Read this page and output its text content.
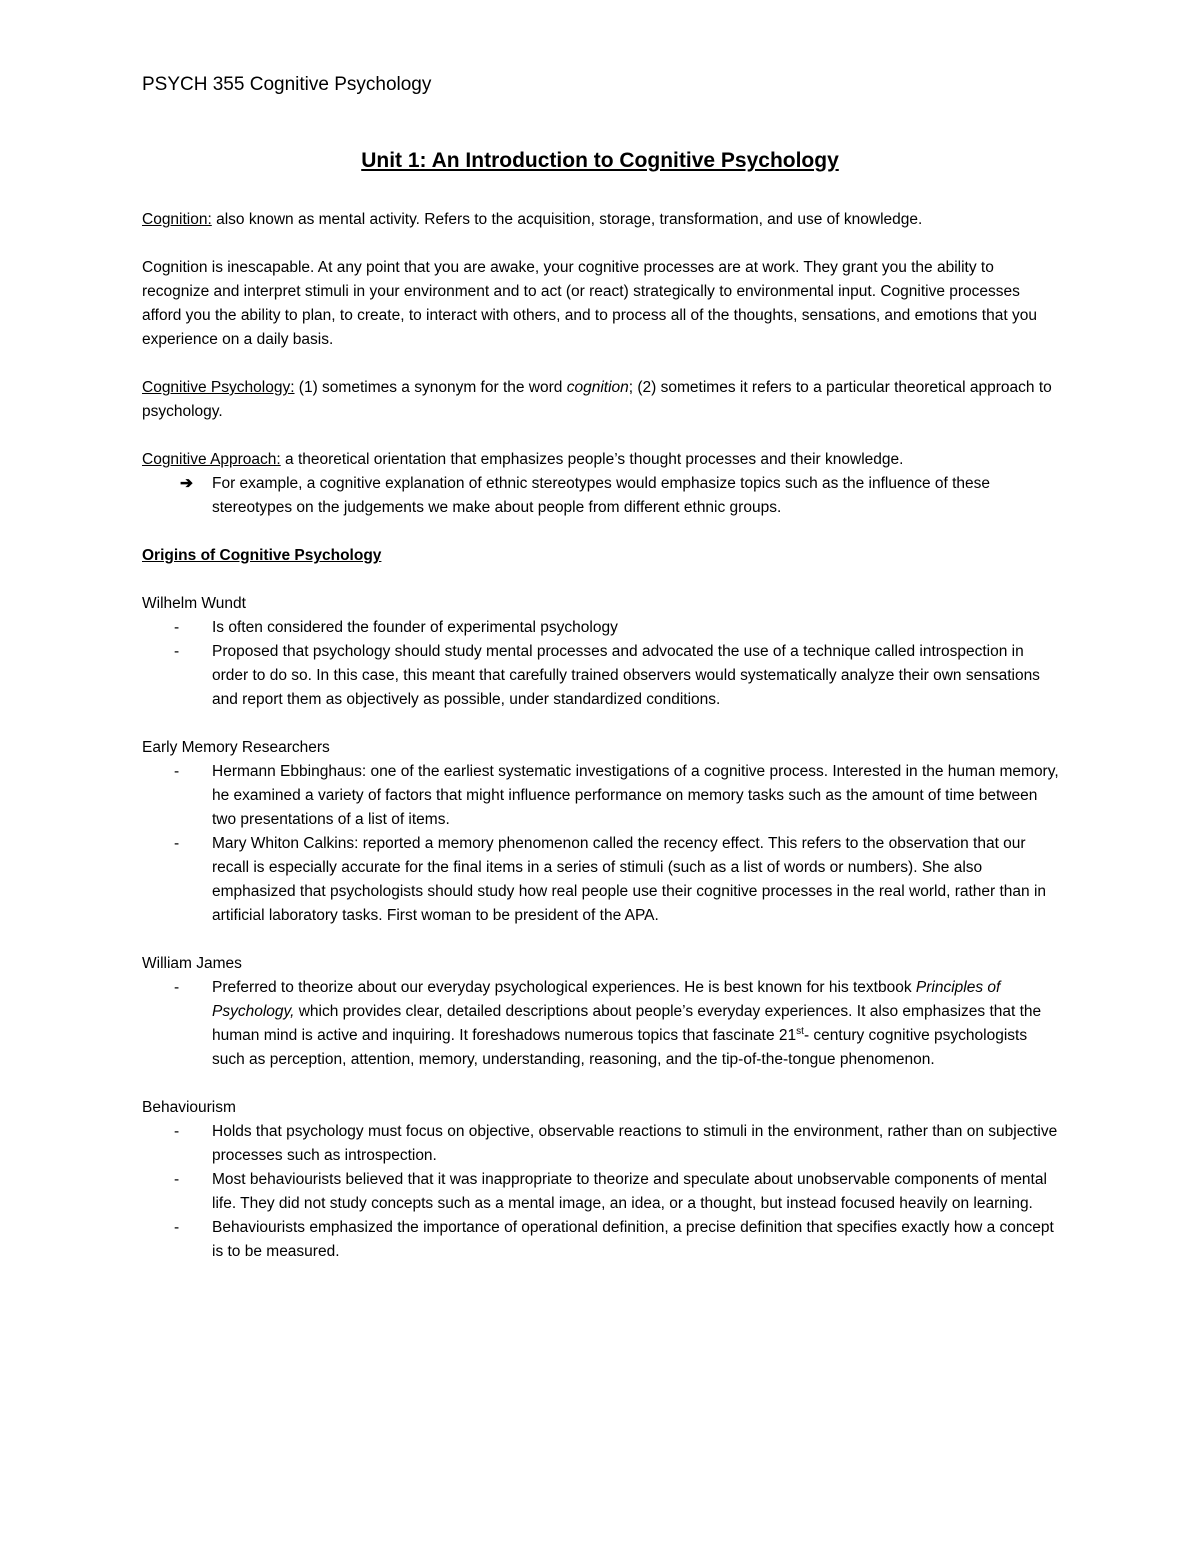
PSYCH 355 Cognitive Psychology
Unit 1: An Introduction to Cognitive Psychology

Cognition: also known as mental activity. Refers to the acquisition, storage, transformation, and use of knowledge.

Cognition is inescapable. At any point that you are awake, your cognitive processes are at work. They grant you the ability to recognize and interpret stimuli in your environment and to act (or react) strategically to environmental input. Cognitive processes afford you the ability to plan, to create, to interact with others, and to process all of the thoughts, sensations, and emotions that you experience on a daily basis.

Cognitive Psychology: (1) sometimes a synonym for the word cognition; (2) sometimes it refers to a particular theoretical approach to psychology.

Cognitive Approach: a theoretical orientation that emphasizes people’s thought processes and their knowledge.
➔ For example, a cognitive explanation of ethnic stereotypes would emphasize topics such as the influence of these stereotypes on the judgements we make about people from different ethnic groups.

Origins of Cognitive Psychology

Wilhelm Wundt

- Is often considered the founder of experimental psychology
- Proposed that psychology should study mental processes and advocated the use of a technique called introspection in order to do so. In this case, this meant that carefully trained observers would systematically analyze their own sensations and report them as objectively as possible, under standardized conditions.

Early Memory Researchers

- Hermann Ebbinghaus: one of the earliest systematic investigations of a cognitive process. Interested in the human memory, he examined a variety of factors that might influence performance on memory tasks such as the amount of time between two presentations of a list of items.
- Mary Whiton Calkins: reported a memory phenomenon called the recency effect. This refers to the observation that our recall is especially accurate for the final items in a series of stimuli (such as a list of words or numbers). She also emphasized that psychologists should study how real people use their cognitive processes in the real world, rather than in artificial laboratory tasks. First woman to be president of the APA.

William James

- Preferred to theorize about our everyday psychological experiences. He is best known for his textbook Principles of Psychology, which provides clear, detailed descriptions about people’s everyday experiences. It also emphasizes that the human mind is active and inquiring. It foreshadows numerous topics that fascinate 21st- century cognitive psychologists such as perception, attention, memory, understanding, reasoning, and the tip-of-the-tongue phenomenon.

Behaviourism

- Holds that psychology must focus on objective, observable reactions to stimuli in the environment, rather than on subjective processes such as introspection.
- Most behaviourists believed that it was inappropriate to theorize and speculate about unobservable components of mental life. They did not study concepts such as a mental image, an idea, or a thought, but instead focused heavily on learning.
- Behaviourists emphasized the importance of operational definition, a precise definition that specifies exactly how a concept is to be measured.
